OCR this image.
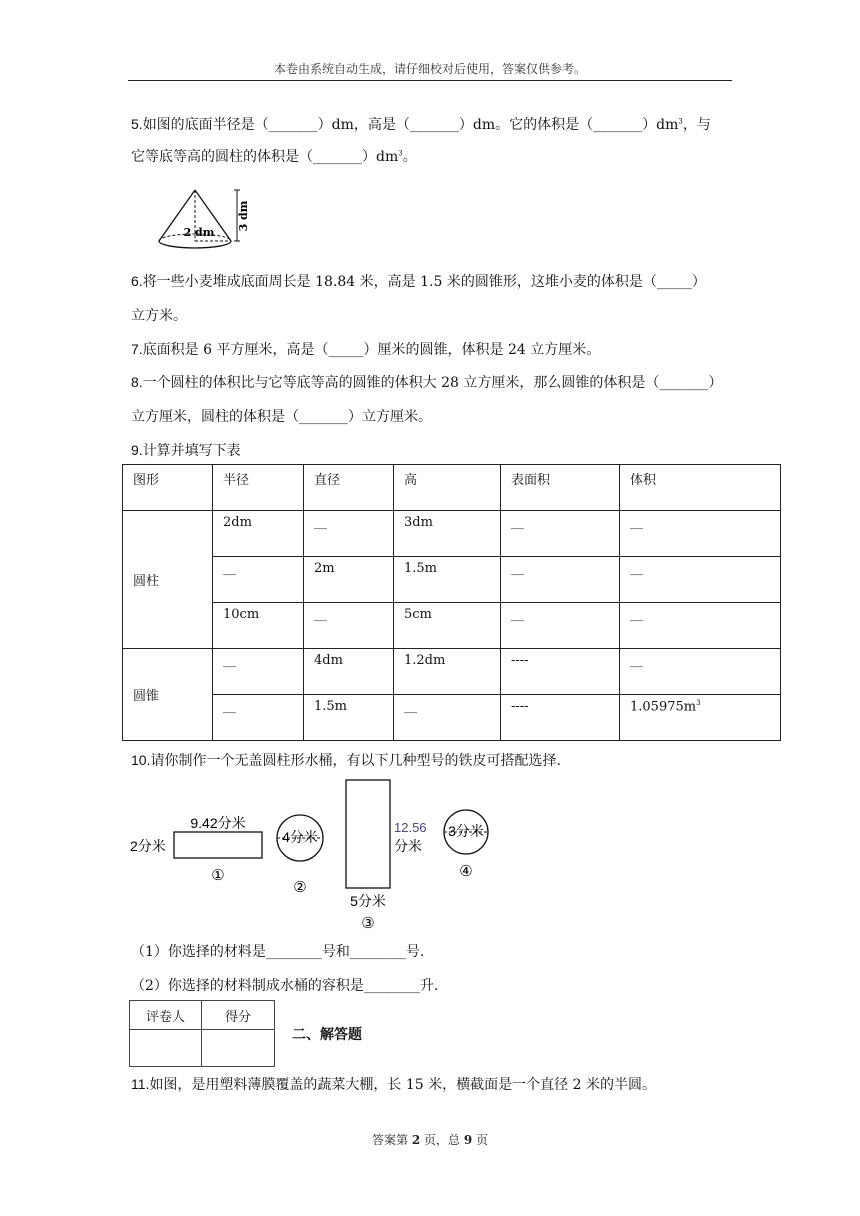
本卷由系统自动生成，请仔细校对后使用，答案仅供参考。
5.如图的底面半径是（_______）dm，高是（_______）dm。它的体积是$(\_\_\_\_\_\_\_)dm^3$，与
它等底等高的圆柱的体积是$(\_\_\_\_\_\_\_)dm^3$。
2 dm
3 dm
6.将一些小麦堆成底面周长是 18.84 米，高是 1.5 米的圆锥形，这堆小麦的体积是（_____）
立方米。
7.底面积是 6 平方厘米，高是（_____）厘米的圆锥，体积是 24 立方厘米。
8.一个圆柱的体积比与它等底等高的圆锥的体积大 28 立方厘米，那么圆锥的体积是（_______）
立方厘米，圆柱的体积是（_______）立方厘米。
9.计算并填写下表
图形	半径	直径	高	表面积	体积
圆柱	2dm	__	3dm	__	__
	__	2m	1.5m	__	__
	10cm	__	5cm	__	__
圆锥	__	4dm	1.2dm	----	__
	__	1.5m	__	----	$1.05975m^3$
10.请你制作一个无盖圆柱形水桶，有以下几种型号的铁皮可搭配选择.
9.42分米
2分米
①
4分米
②
12.56
分米
5分米
③
3分米
④
（1）你选择的材料是________号和________号.
（2）你选择的材料制成水桶的容积是________升.
评卷人	得分

二、解答题
11.如图，是用塑料薄膜覆盖的蔬菜大棚，长 15 米，横截面是一个直径 2 米的半圆。
答案第 2 页，总 9 页
